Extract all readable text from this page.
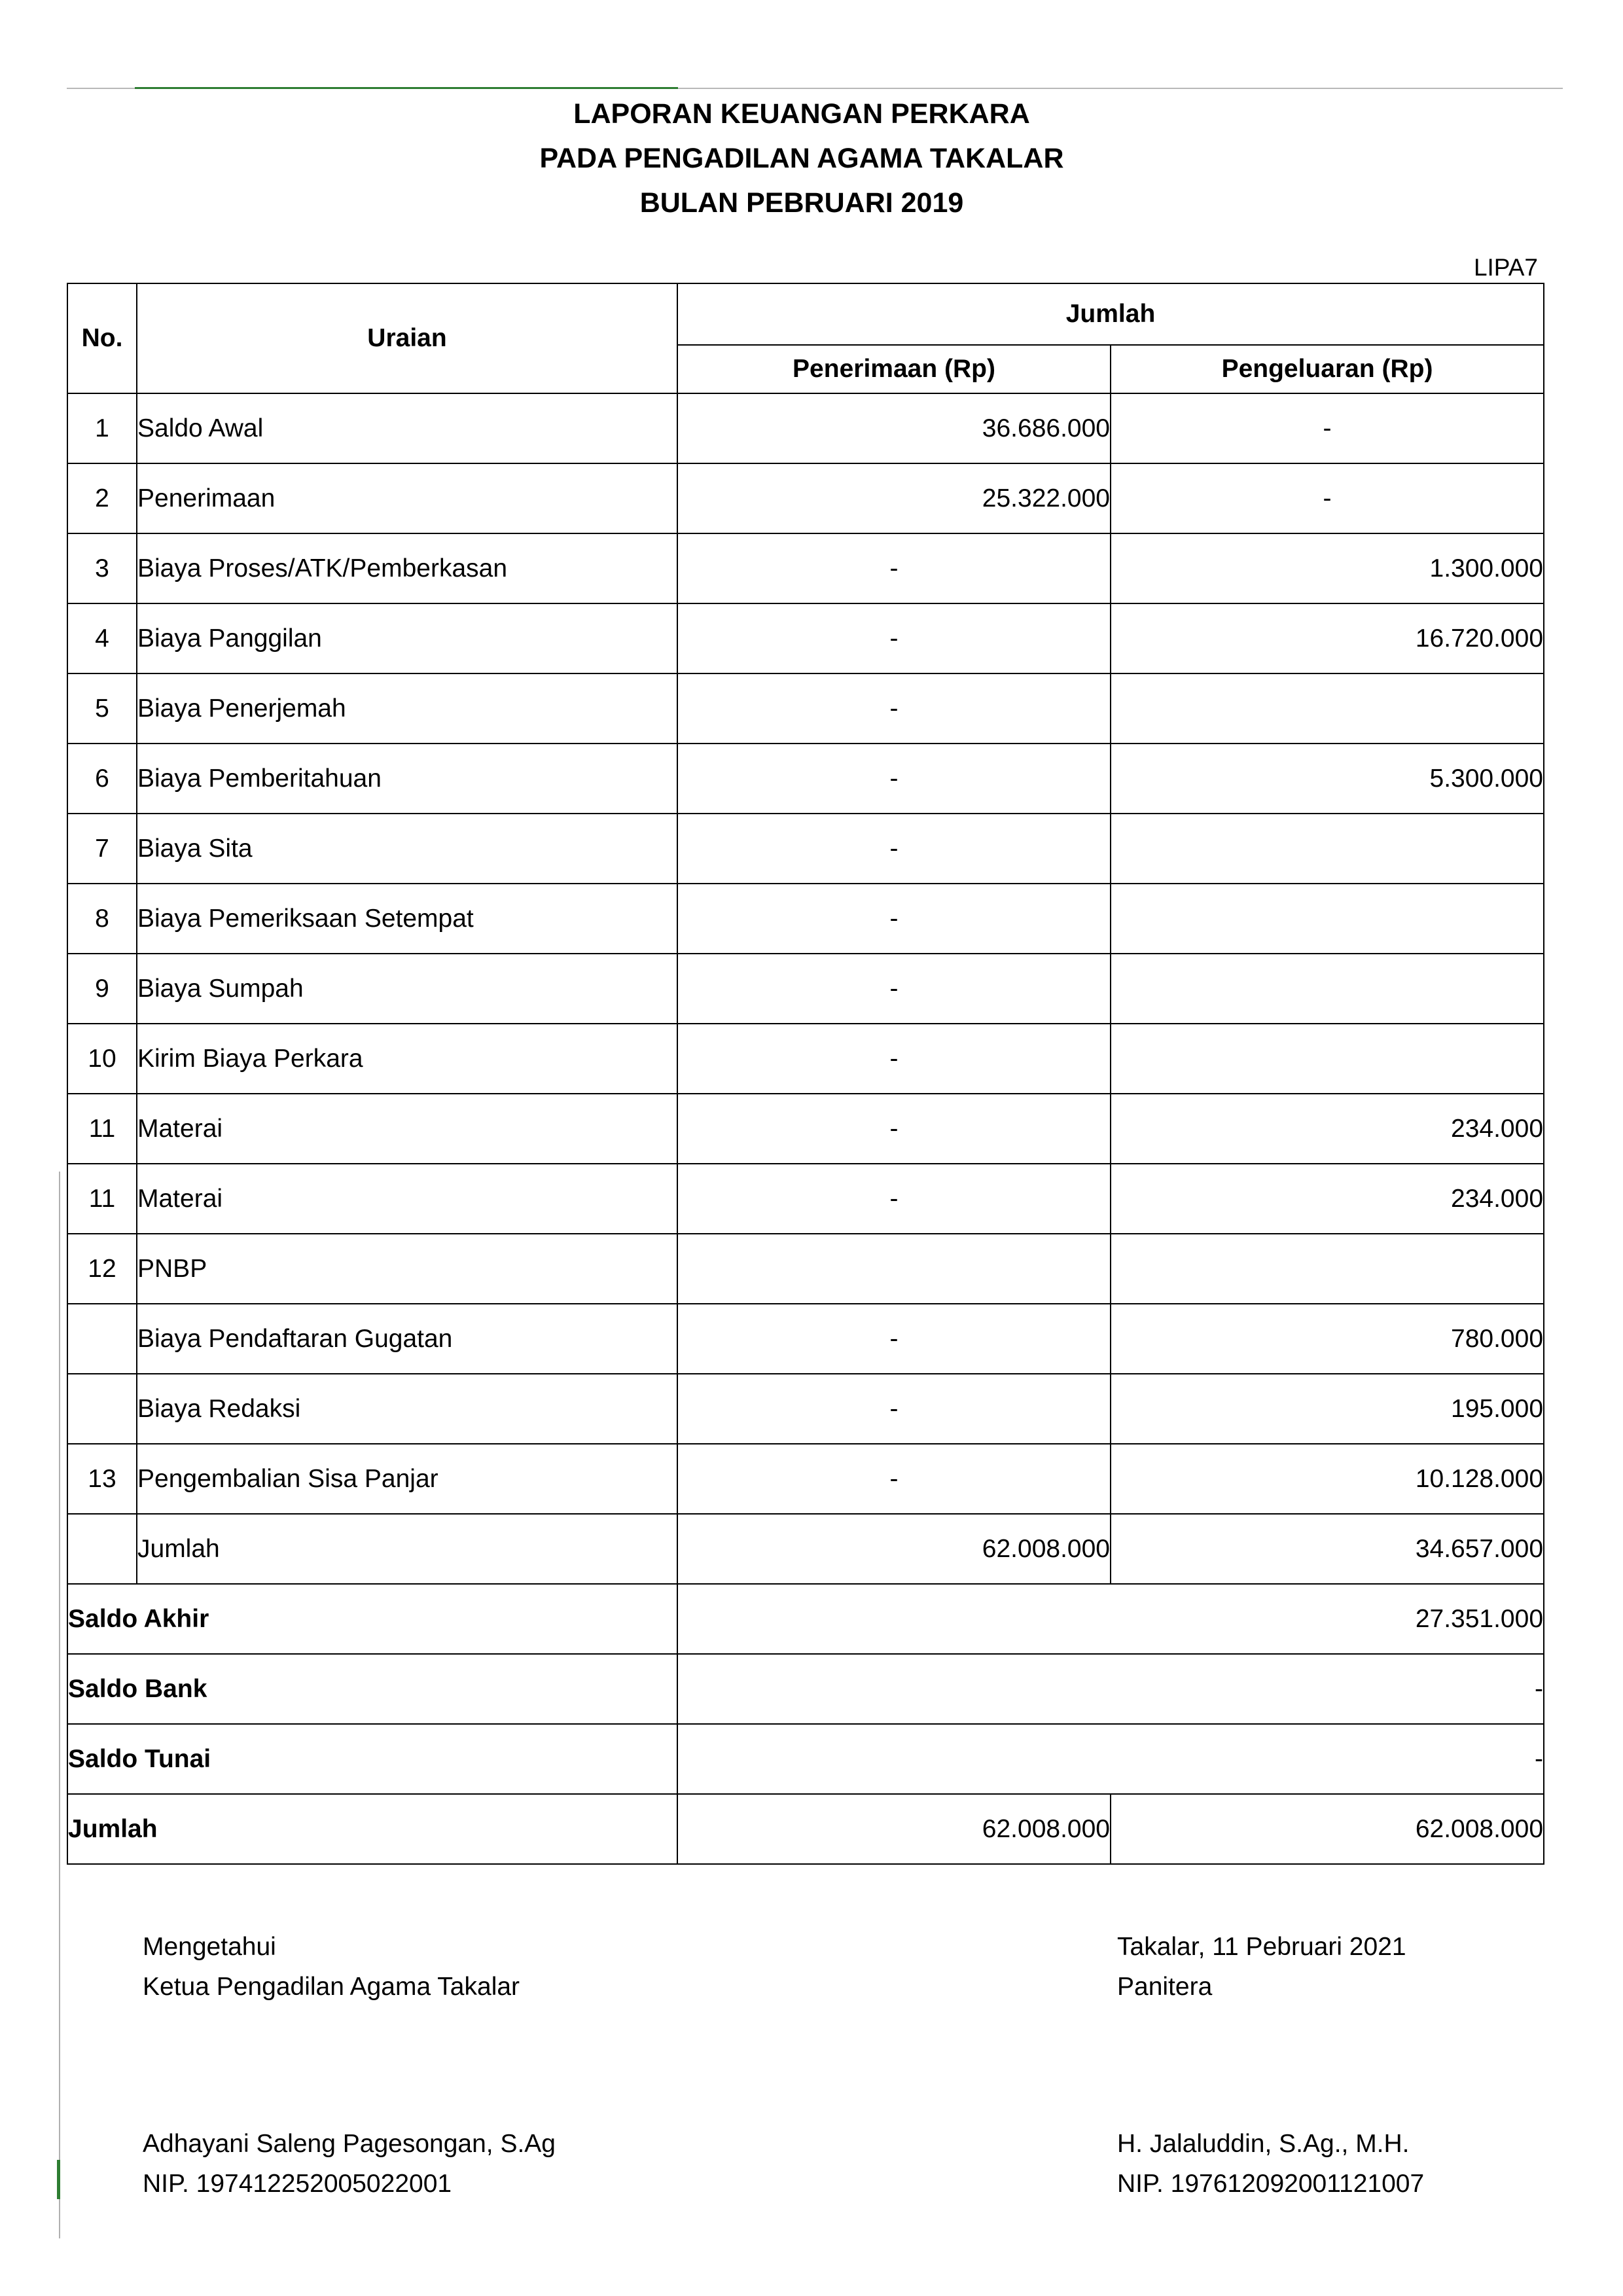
LAPORAN KEUANGAN PERKARA
PADA PENGADILAN AGAMA TAKALAR
BULAN PEBRUARI 2019
LIPA7
No.	Uraian	Jumlah	
		Penerimaan (Rp)	Pengeluaran (Rp)
1	Saldo Awal	36.686.000	-
2	Penerimaan	25.322.000	-
3	Biaya Proses/ATK/Pemberkasan	-	1.300.000
4	Biaya Panggilan	-	16.720.000
5	Biaya Penerjemah	-	
6	Biaya Pemberitahuan	-	5.300.000
7	Biaya Sita	-	
8	Biaya Pemeriksaan Setempat	-	
9	Biaya Sumpah	-	
10	Kirim Biaya Perkara	-	
11	Materai	-	234.000
11	Materai	-	234.000
12	PNBP		
	Biaya Pendaftaran Gugatan	-	780.000
	Biaya Redaksi	-	195.000
13	Pengembalian Sisa Panjar	-	10.128.000
	Jumlah	62.008.000	34.657.000
Saldo Akhir		27.351.000	
Saldo Bank		-	
Saldo Tunai		-	
Jumlah		62.008.000	62.008.000
Mengetahui
Ketua Pengadilan Agama Takalar
Takalar, 11 Pebruari 2021
Panitera
Adhayani Saleng Pagesongan, S.Ag
NIP. 197412252005022001
H. Jalaluddin, S.Ag., M.H.
NIP. 197612092001121007
